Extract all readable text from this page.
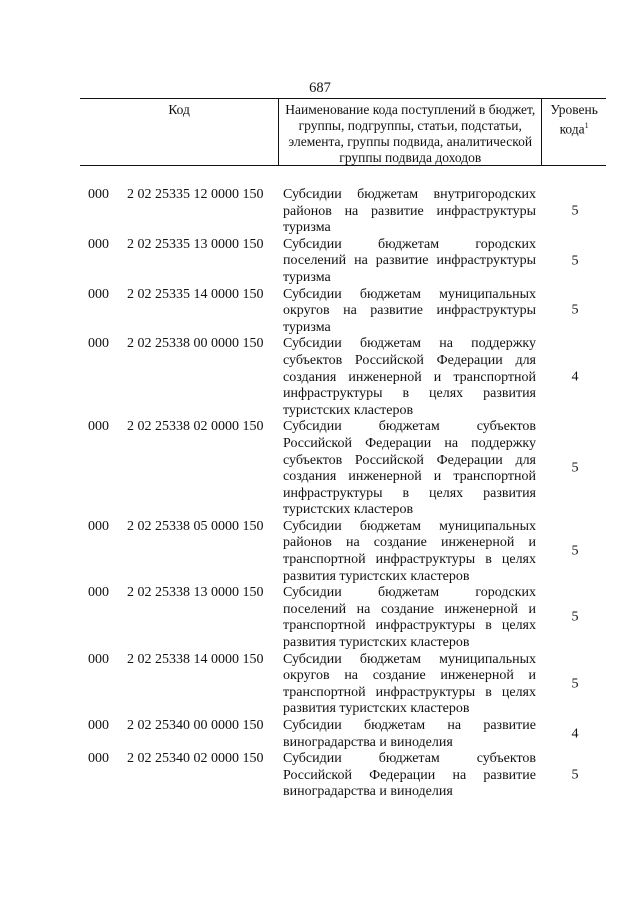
687
Код	Наименование кода поступлений в бюджет, группы, подгруппы, статьи, подстатьи, элемента, группы подвида, аналитической группы подвида доходов
Уровень кода$^1$
000 2 02 25335 12 0000 150 Субсидии бюджетам внутригородских районов на развитие инфраструктуры туризма
5
000 2 02 25335 13 0000 150 Субсидии бюджетам городских поселений на развитие инфраструктуры туризма
5
000 2 02 25335 14 0000 150 Субсидии бюджетам муниципальных округов на развитие инфраструктуры туризма
5
000 2 02 25338 00 0000 150 Субсидии бюджетам на поддержку субъектов Российской Федерации для создания инженерной и транспортной инфраструктуры в целях развития туристских кластеров
4
000 2 02 25338 02 0000 150 Субсидии бюджетам субъектов Российской Федерации на поддержку субъектов Российской Федерации для создания инженерной и транспортной инфраструктуры в целях развития туристских кластеров
5
000 2 02 25338 05 0000 150 Субсидии бюджетам муниципальных районов на создание инженерной и транспортной инфраструктуры в целях развития туристских кластеров
5
000 2 02 25338 13 0000 150 Субсидии бюджетам городских поселений на создание инженерной и транспортной инфраструктуры в целях развития туристских кластеров
5
000 2 02 25338 14 0000 150 Субсидии бюджетам муниципальных округов на создание инженерной и транспортной инфраструктуры в целях развития туристских кластеров
5
000 2 02 25340 00 0000 150 Субсидии бюджетам на развитие виноградарства и виноделия
4
000 2 02 25340 02 0000 150 Субсидии бюджетам субъектов Российской Федерации на развитие виноградарства и виноделия
5
